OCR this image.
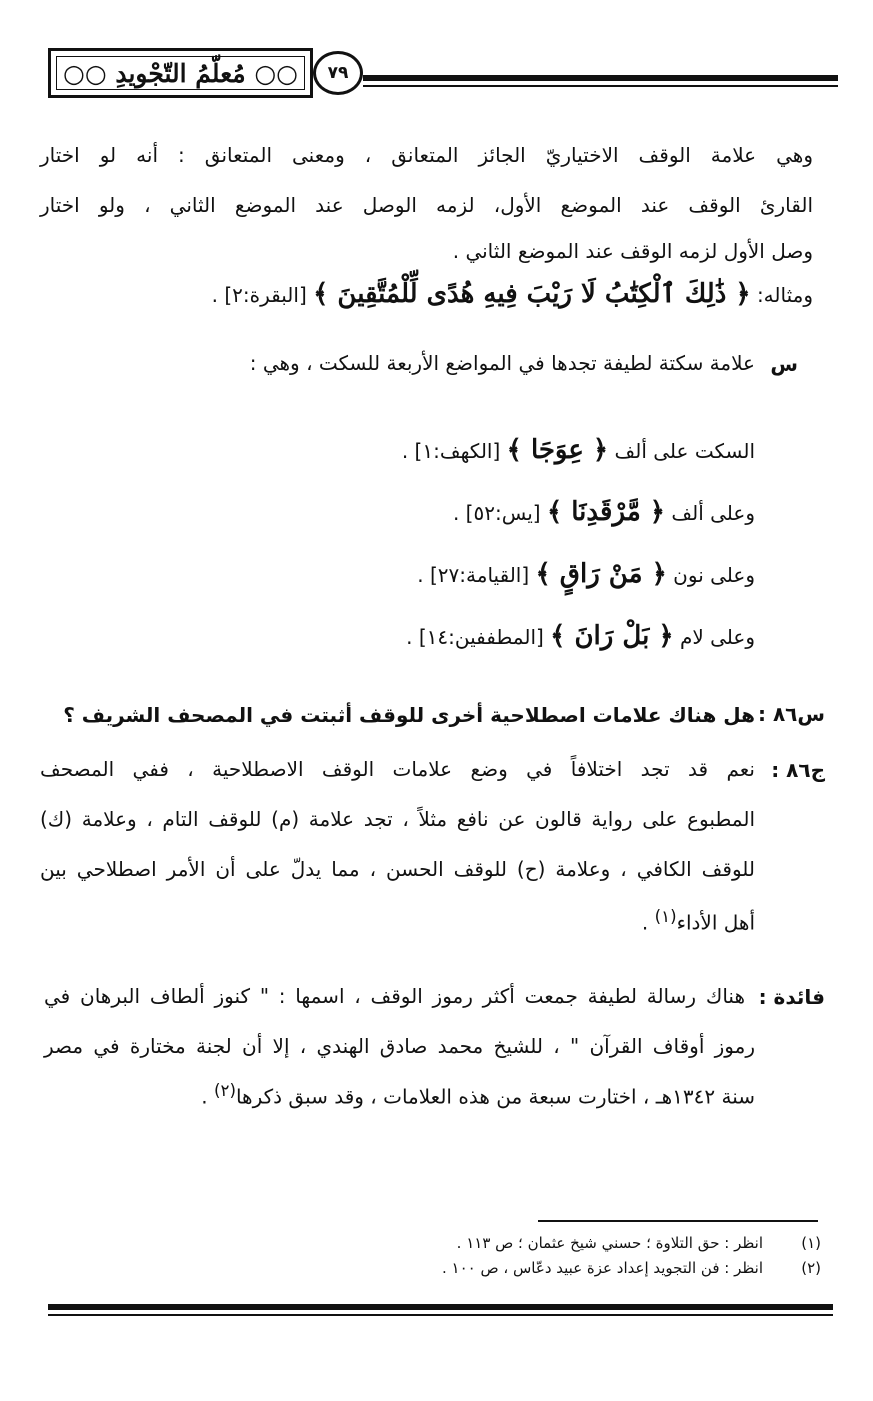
○○ مُعلّمُ التّجْويدِ ○○	٧٩
وهي علامة الوقف الاختياريّ الجائز المتعانق ، ومعنى المتعانق : أنه لو اختار
القارئ الوقف عند الموضع الأول، لزمه الوصل عند الموضع الثاني ، ولو اختار
وصل الأول لزمه الوقف عند الموضع الثاني .
ومثاله: ﴿ ذَٰلِكَ ٱلْكِتَٰبُ لَا رَيْبَ فِيهِ هُدًى لِّلْمُتَّقِينَ ﴾ [البقرة:٢] .
س
علامة سكتة لطيفة تجدها في المواضع الأربعة للسكت ، وهي :
السكت على ألف ﴿ عِوَجَا ﴾ [الكهف:١] .
وعلى ألف ﴿ مَّرْقَدِنَا ﴾ [يس:٥٢] .
وعلى نون ﴿ مَنْ رَاقٍ ﴾ [القيامة:٢٧] .
وعلى لام ﴿ بَلْ رَانَ ﴾ [المطففين:١٤] .
س٨٦ :
هل هناك علامات اصطلاحية أخرى للوقف أثبتت في المصحف الشريف ؟
ج٨٦ :
نعم قد تجد اختلافاً في وضع علامات الوقف الاصطلاحية ، ففي المصحف
المطبوع على رواية قالون عن نافع مثلاً ، تجد علامة (م) للوقف التام ، وعلامة (ك)
للوقف الكافي ، وعلامة (ح) للوقف الحسن ، مما يدلّ على أن الأمر اصطلاحي بين
أهل الأداء$^{(١)}$ .
فائدة :
هناك رسالة لطيفة جمعت أكثر رموز الوقف ، اسمها : " كنوز ألطاف البرهان في
رموز أوقاف القرآن " ، للشيخ محمد صادق الهندي ، إلا أن لجنة مختارة في مصر
سنة ١٣٤٢هـ ، اختارت سبعة من هذه العلامات ، وقد سبق ذكرها$^{(٢)}$ .
(١)
انظر : حق التلاوة ؛ حسني شيخ عثمان ؛ ص ١١٣ .
(٢)
انظر : فن التجويد إعداد عزة عبيد دعّاس ، ص ١٠٠ .
